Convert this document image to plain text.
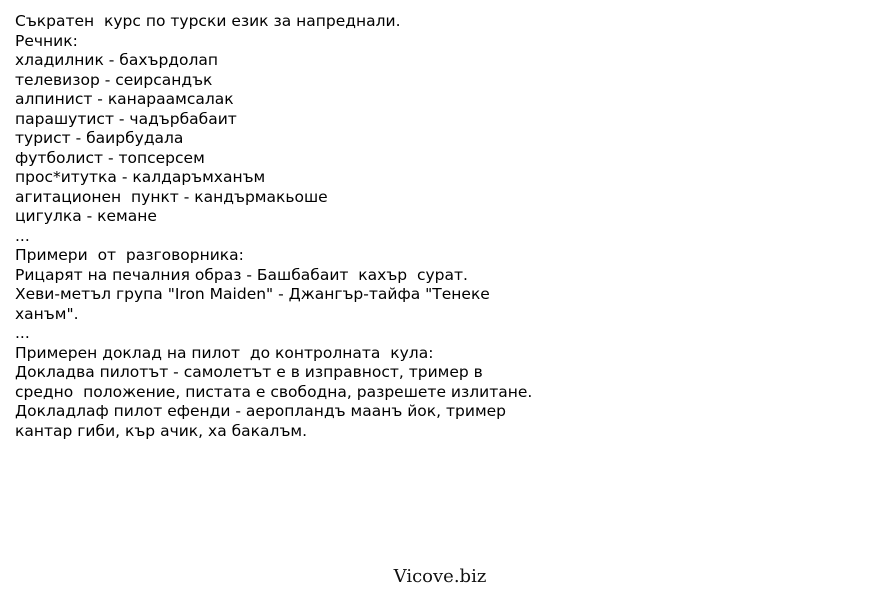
Съкратен  курс по турски език за напреднали.

Речник:

хладилник - бахърдолап

телевизор - сеирсандък

алпинист - канараамсалак

парашутист - чадърбабаит

турист - баирбудала

футболист - топсерсем

прос*итутка - калдаръмханъм

агитационен  пункт - кандърмакьоше

цигулка - кемане

...

Примери  от  разговорника:

Рицарят на печалния образ - Башбабаит  кахър  сурат.

Хеви-метъл група "Iron Maiden" - Джангър-тайфа "Тенеке

ханъм".

...

Примерен доклад на пилот  до контролната  кула:

Докладва пилотът - самолетът е в изправност, тример в

средно  положение, пистата е свободна, разрешете излитане.

Докладлаф пилот ефенди - аеропландъ маанъ йок, тример

кантар гиби, кър ачик, ха бакалъм.

Vicove.biz
